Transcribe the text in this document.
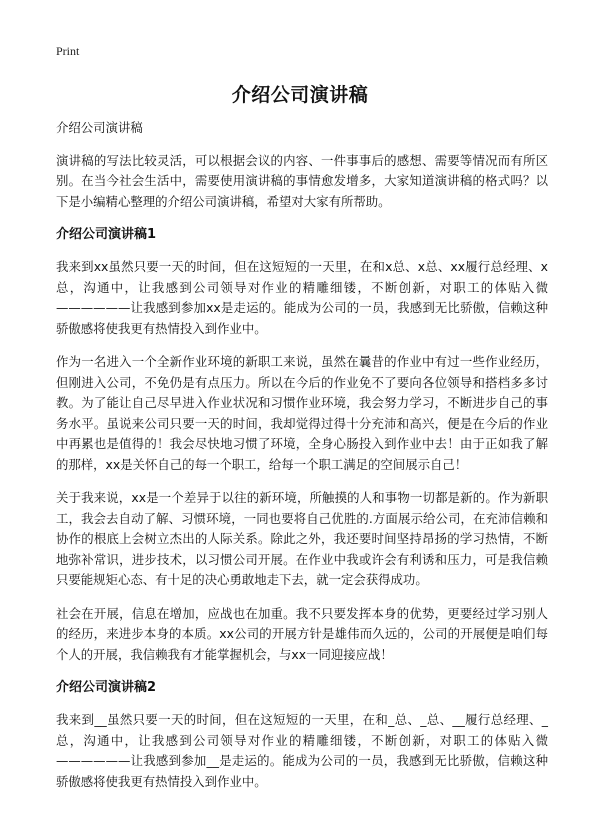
Print
介绍公司演讲稿

介绍公司演讲稿

演讲稿的写法比较灵活，可以根据会议的内容、一件事事后的感想、需要等情况而有所区别。在当今社会生活中，需要使用演讲稿的事情愈发增多，大家知道演讲稿的格式吗？以下是小编精心整理的介绍公司演讲稿，希望对大家有所帮助。

介绍公司演讲稿1

我来到xx虽然只要一天的时间，但在这短短的一天里，在和x总、x总、xx履行总经理、x总，沟通中，让我感到公司领导对作业的精雕细镂，不断创新，对职工的体贴入微——————让我感到参加xx是走运的。能成为公司的一员，我感到无比骄傲，信赖这种骄傲感将使我更有热情投入到作业中。

作为一名进入一个全新作业环境的新职工来说，虽然在曩昔的作业中有过一些作业经历，但刚进入公司，不免仍是有点压力。所以在今后的作业免不了要向各位领导和搭档多多讨教。为了能让自己尽早进入作业状况和习惯作业环境，我会努力学习，不断进步自己的事务水平。虽说来公司只要一天的时间，我却觉得过得十分充沛和高兴，便是在今后的作业中再累也是值得的！我会尽快地习惯了环境，全身心肠投入到作业中去！由于正如我了解的那样，xx是关怀自己的每一个职工，给每一个职工满足的空间展示自己！

关于我来说，xx是一个差异于以往的新环境，所触摸的人和事物一切都是新的。作为新职工，我会去自动了解、习惯环境，一同也要将自己优胜的.方面展示给公司，在充沛信赖和协作的根底上会树立杰出的人际关系。除此之外，我还要时间坚持昂扬的学习热情，不断地弥补常识，进步技术，以习惯公司开展。在作业中我或许会有利诱和压力，可是我信赖只要能规矩心态、有十足的决心勇敢地走下去，就一定会获得成功。

社会在开展，信息在增加，应战也在加重。我不只要发挥本身的优势，更要经过学习别人的经历，来进步本身的本质。xx公司的开展方针是雄伟而久远的，公司的开展便是咱们每个人的开展，我信赖我有才能掌握机会，与xx一同迎接应战！

介绍公司演讲稿2

我来到__虽然只要一天的时间，但在这短短的一天里，在和_总、_总、__履行总经理、_总，沟通中，让我感到公司领导对作业的精雕细镂，不断创新，对职工的体贴入微——————让我感到参加__是走运的。能成为公司的一员，我感到无比骄傲，信赖这种骄傲感将使我更有热情投入到作业中。
